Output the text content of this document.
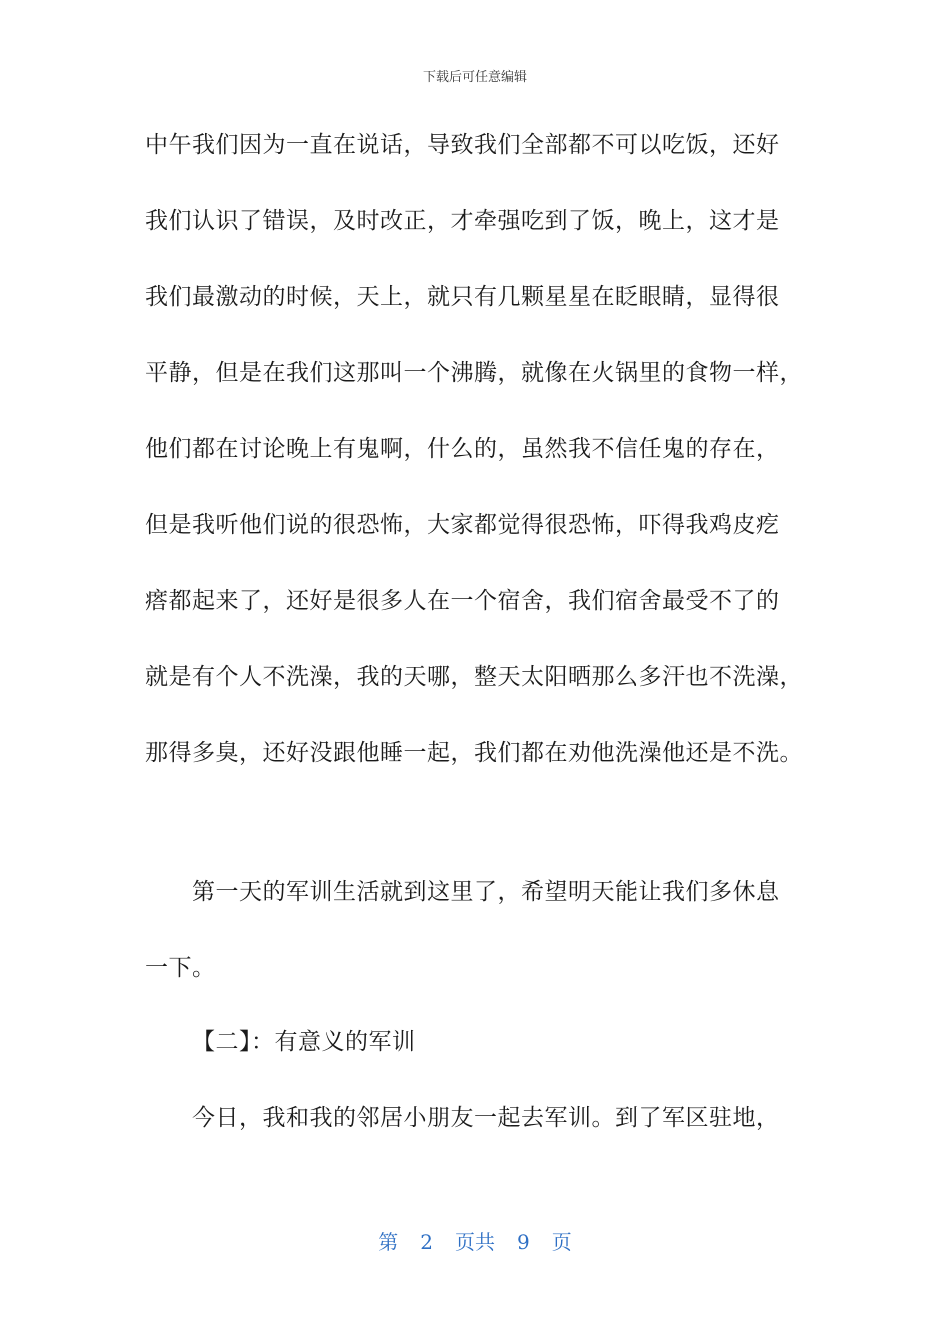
下载后可任意编辑
中午我们因为一直在说话，导致我们全部都不可以吃饭，还好
我们认识了错误，及时改正，才牵强吃到了饭，晚上，这才是
我们最激动的时候，天上，就只有几颗星星在眨眼睛，显得很
平静，但是在我们这那叫一个沸腾，就像在火锅里的食物一样，
他们都在讨论晚上有鬼啊，什么的，虽然我不信任鬼的存在，
但是我听他们说的很恐怖，大家都觉得很恐怖，吓得我鸡皮疙
瘩都起来了，还好是很多人在一个宿舍，我们宿舍最受不了的
就是有个人不洗澡，我的天哪，整天太阳晒那么多汗也不洗澡，
那得多臭，还好没跟他睡一起，我们都在劝他洗澡他还是不洗。
第一天的军训生活就到这里了，希望明天能让我们多休息
一下。
【二】：有意义的军训
今日，我和我的邻居小朋友一起去军训。到了军区驻地，
第 2 页共 9 页
